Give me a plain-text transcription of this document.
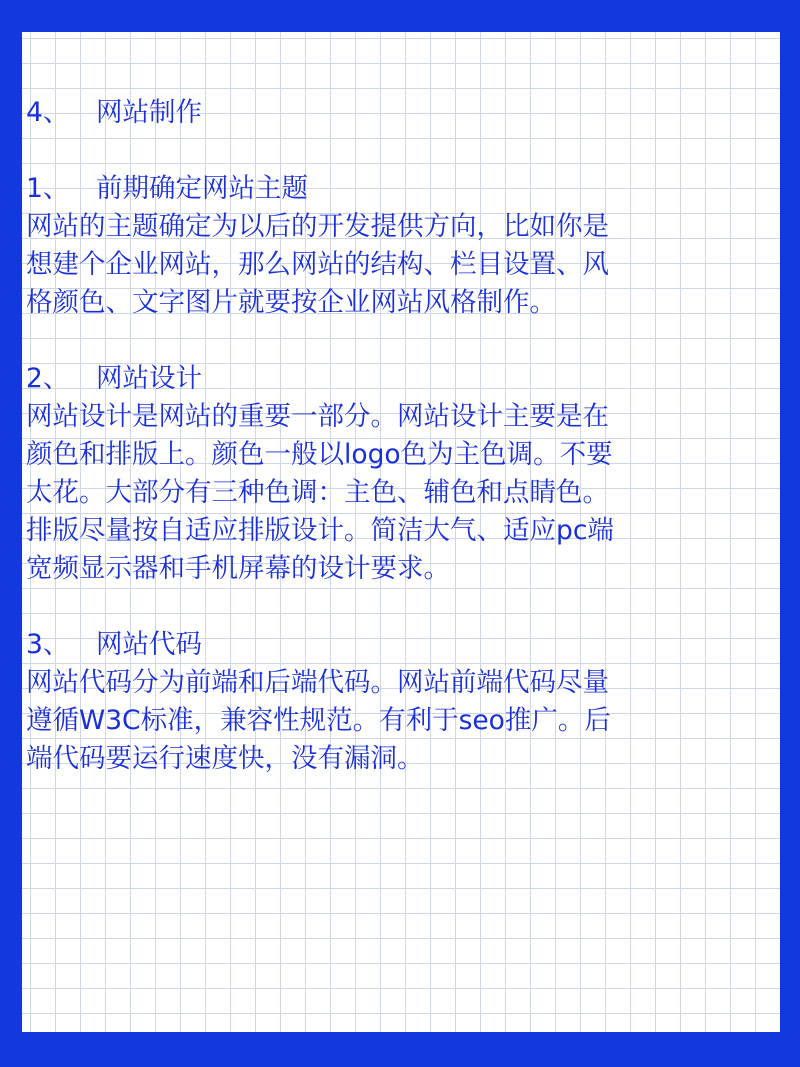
4、	网站制作
1、	前期确定网站主题
网站的主题确定为以后的开发提供方向，比如你是
想建个企业网站，那么网站的结构、栏目设置、风
格颜色、文字图片就要按企业网站风格制作。
2、	网站设计
网站设计是网站的重要一部分。网站设计主要是在
颜色和排版上。颜色一般以logo色为主色调。不要
太花。大部分有三种色调：主色、辅色和点睛色。
排版尽量按自适应排版设计。简洁大气、适应pc端
宽频显示器和手机屏幕的设计要求。
3、	网站代码
网站代码分为前端和后端代码。网站前端代码尽量
遵循W3C标准，兼容性规范。有利于seo推广。后
端代码要运行速度快，没有漏洞。
